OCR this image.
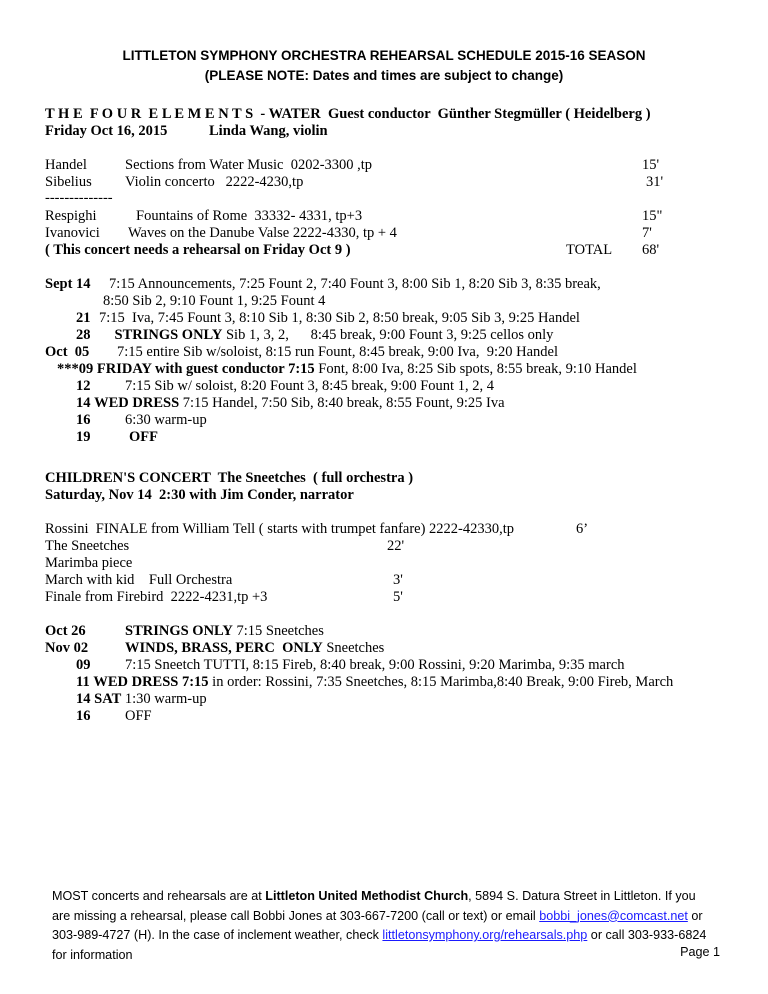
LITTLETON SYMPHONY ORCHESTRA REHEARSAL SCHEDULE 2015-16 SEASON
(PLEASE NOTE: Dates and times are subject to change)
T H E  F O U R  E L E M E N T S  - WATER  Guest conductor  Günther Stegmüller ( Heidelberg )
Friday Oct 16, 2015	Linda Wang, violin
Handel	Sections from Water Music  0202-3300 ,tp	15'
Sibelius Violin concerto   2222-4230,tp	31'
--------------
Respighi	Fountains of Rome  33332- 4331, tp+3	15"
Ivanovici Waves on the Danube Valse 2222-4330, tp + 4	7'
( This concert needs a rehearsal on Friday Oct 9 )	TOTAL 68'
Sept 14 7:15 Announcements, 7:25 Fount 2, 7:40 Fount 3, 8:00 Sib 1, 8:20 Sib 3, 8:35 break,
8:50 Sib 2, 9:10 Fount 1, 9:25 Fount 4
21 7:15  Iva, 7:45 Fount 3, 8:10 Sib 1, 8:30 Sib 2, 8:50 break, 9:05 Sib 3, 9:25 Handel
28 STRINGS ONLY Sib 1, 3, 2,      8:45 break, 9:00 Fount 3, 9:25 cellos only
Oct  05 7:15 entire Sib w/soloist, 8:15 run Fount, 8:45 break, 9:00 Iva,  9:20 Handel
***09 FRIDAY with guest conductor 7:15 Font, 8:00 Iva, 8:25 Sib spots, 8:55 break, 9:10 Handel
12 7:15 Sib w/ soloist, 8:20 Fount 3, 8:45 break, 9:00 Fount 1, 2, 4
14 WED DRESS 7:15 Handel, 7:50 Sib, 8:40 break, 8:55 Fount, 9:25 Iva
16 6:30 warm-up
19	OFF
CHILDREN'S CONCERT  The Sneetches  ( full orchestra )
Saturday, Nov 14  2:30 with Jim Conder, narrator
Rossini  FINALE from William Tell ( starts with trumpet fanfare) 2222-42330,tp	6’
The Sneetches	22'
Marimba piece
March with kid    Full Orchestra	3'
Finale from Firebird  2222-4231,tp +3	5'
Oct 26	STRINGS ONLY 7:15 Sneetches
Nov 02	WINDS, BRASS, PERC  ONLY Sneetches
09 7:15 Sneetch TUTTI, 8:15 Fireb, 8:40 break, 9:00 Rossini, 9:20 Marimba, 9:35 march
11 WED DRESS 7:15 in order: Rossini, 7:35 Sneetches, 8:15 Marimba,8:40 Break, 9:00 Fireb, March
14 SAT 1:30 warm-up
16 OFF
MOST concerts and rehearsals are at Littleton United Methodist Church, 5894 S. Datura Street in Littleton. If you are missing a rehearsal, please call Bobbi Jones at 303-667-7200 (call or text) or email bobbi_jones@comcast.net or 303-989-4727 (H). In the case of inclement weather, check littletonsymphony.org/rehearsals.php or call 303-933-6824 for information	Page 1
